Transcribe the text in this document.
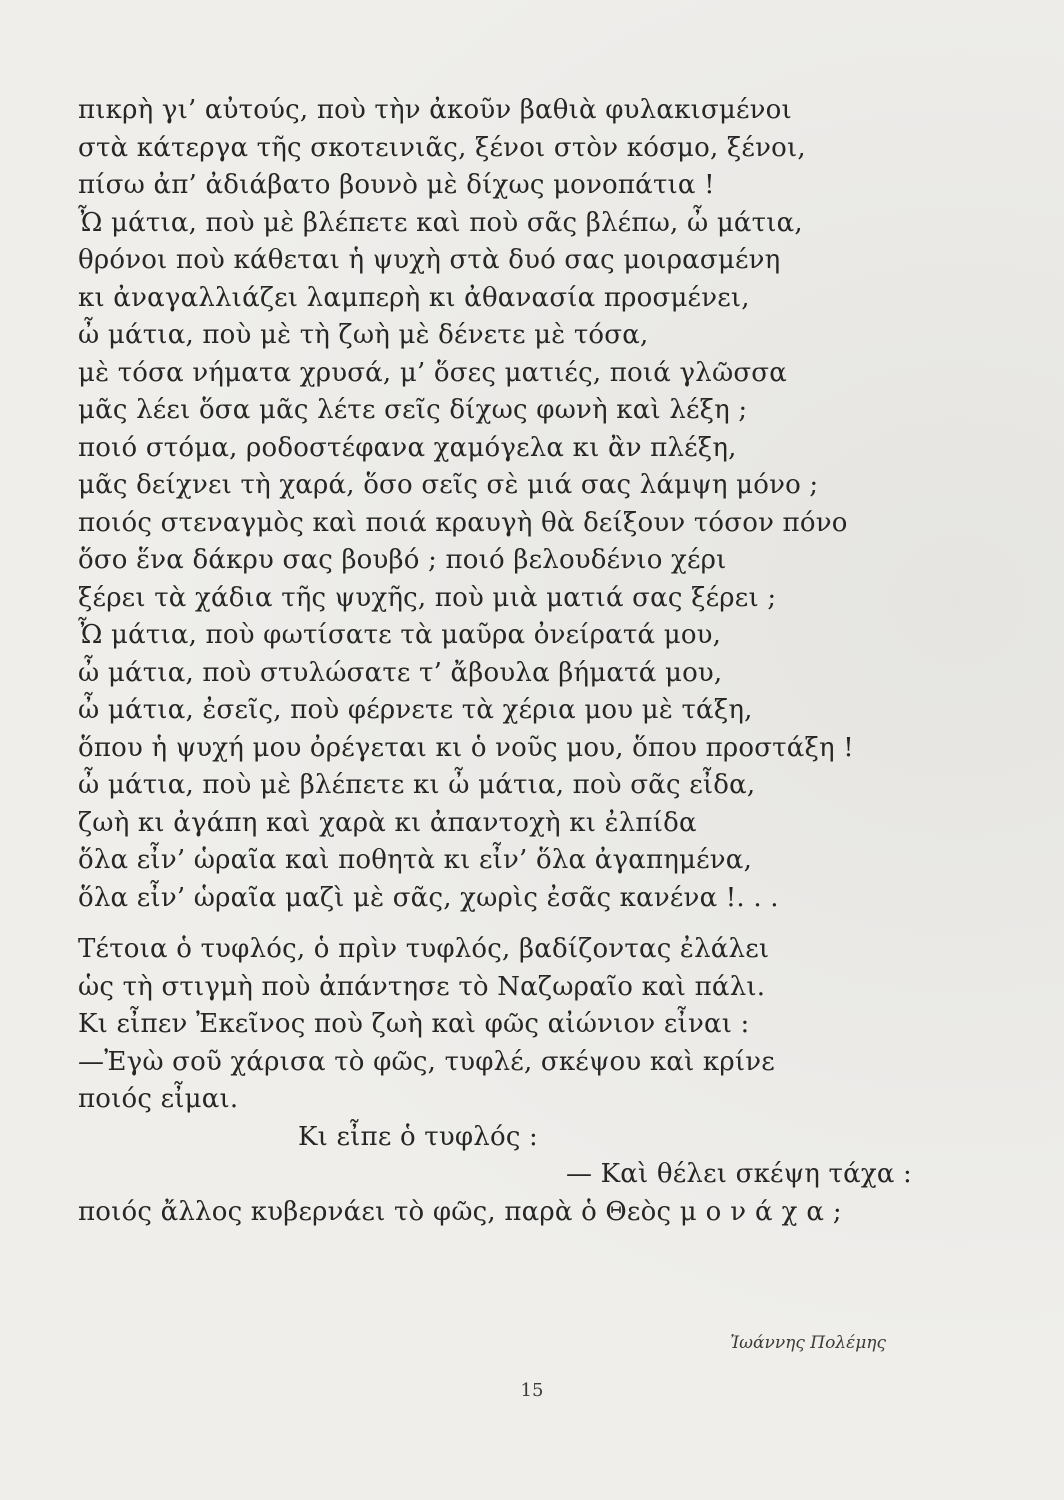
πικρὴ γι’ αὐτούς, ποὺ τὴν ἀκοῦν βαθιὰ φυλακισμένοι
στὰ κάτεργα τῆς σκοτεινιᾶς, ξένοι στὸν κόσμο, ξένοι,
πίσω ἀπ’ ἀδιάβατο βουνὸ μὲ δίχως μονοπάτια !
Ὦ μάτια, ποὺ μὲ βλέπετε καὶ ποὺ σᾶς βλέπω, ὦ μάτια,
θρόνοι ποὺ κάθεται ἡ ψυχὴ στὰ δυό σας μοιρασμένη
κι ἀναγαλλιάζει λαμπερὴ κι ἀθανασία προσμένει,
ὦ μάτια, ποὺ μὲ τὴ ζωὴ μὲ δένετε μὲ τόσα,
μὲ τόσα νήματα χρυσά, μ’ ὅσες ματιές, ποιά γλῶσσα
μᾶς λέει ὅσα μᾶς λέτε σεῖς δίχως φωνὴ καὶ λέξη ;
ποιό στόμα, ροδοστέφανα χαμόγελα κι ἂν πλέξη,
μᾶς δείχνει τὴ χαρά, ὅσο σεῖς σὲ μιά σας λάμψη μόνο ;
ποιός στεναγμὸς καὶ ποιά κραυγὴ θὰ δείξουν τόσον πόνο
ὅσο ἕνα δάκρυ σας βουβό ; ποιό βελουδένιο χέρι
ξέρει τὰ χάδια τῆς ψυχῆς, ποὺ μιὰ ματιά σας ξέρει ;
Ὦ μάτια, ποὺ φωτίσατε τὰ μαῦρα ὀνείρατά μου,
ὦ μάτια, ποὺ στυλώσατε τ’ ἄβουλα βήματά μου,
ὦ μάτια, ἐσεῖς, ποὺ φέρνετε τὰ χέρια μου μὲ τάξη,
ὅπου ἡ ψυχή μου ὀρέγεται κι ὁ νοῦς μου, ὅπου προστάξη !
ὦ μάτια, ποὺ μὲ βλέπετε κι ὦ μάτια, ποὺ σᾶς εἶδα,
ζωὴ κι ἀγάπη καὶ χαρὰ κι ἀπαντοχὴ κι ἐλπίδα
ὅλα εἶν’ ὡραῖα καὶ ποθητὰ κι εἶν’ ὅλα ἀγαπημένα,
ὅλα εἶν’ ὡραῖα μαζὶ μὲ σᾶς, χωρὶς ἐσᾶς κανένα !. . .
Τέτοια ὁ τυφλός, ὁ πρὶν τυφλός, βαδίζοντας ἐλάλει
ὡς τὴ στιγμὴ ποὺ ἀπάντησε τὸ Ναζωραῖο καὶ πάλι.
Κι εἶπεν Ἐκεῖνος ποὺ ζωὴ καὶ φῶς αἰώνιον εἶναι :
—Ἐγὼ σοῦ χάρισα τὸ φῶς, τυφλέ, σκέψου καὶ κρίνε
ποιός εἶμαι.
Κι εἶπε ὁ τυφλός :
— Καὶ θέλει σκέψη τάχα :
ποιός ἄλλος κυβερνάει τὸ φῶς, παρὰ ὁ Θεὸς μονάχα;
Ἰωάννης Πολέμης
15
